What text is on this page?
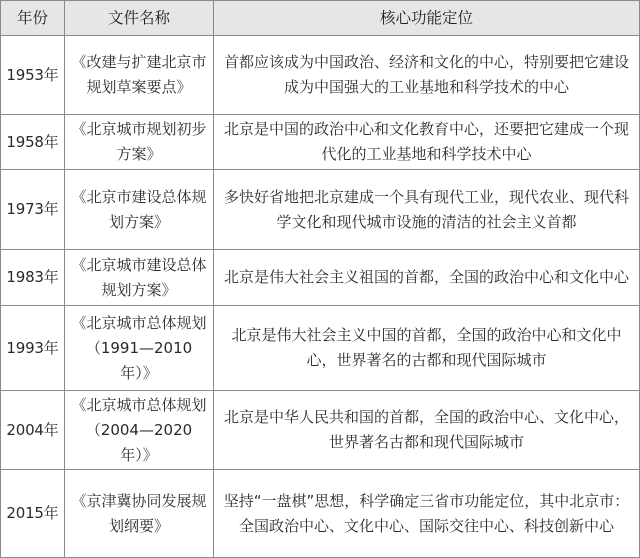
年份	文件名称	核心功能定位
1953年
《改建与扩建北京市规划草案要点》
首都应该成为中国政治、经济和文化的中心，特别要把它建设成为中国强大的工业基地和科学技术的中心
1958年
《北京城市规划初步方案》
北京是中国的政治中心和文化教育中心，还要把它建成一个现代化的工业基地和科学技术中心
1973年
《北京市建设总体规划方案》
多快好省地把北京建成一个具有现代工业，现代农业、现代科学文化和现代城市设施的清洁的社会主义首都
1983年
《北京城市建设总体规划方案》
北京是伟大社会主义祖国的首都，全国的政治中心和文化中心
1993年
《北京城市总体规划（1991—2010年）》
北京是伟大社会主义中国的首都，全国的政治中心和文化中心，世界著名的古都和现代国际城市
2004年
《北京城市总体规划（2004—2020年）》
北京是中华人民共和国的首都，全国的政治中心、文化中心，世界著名古都和现代国际城市
2015年
《京津冀协同发展规划纲要》
坚持“一盘棋”思想，科学确定三省市功能定位，其中北京市：全国政治中心、文化中心、国际交往中心、科技创新中心
